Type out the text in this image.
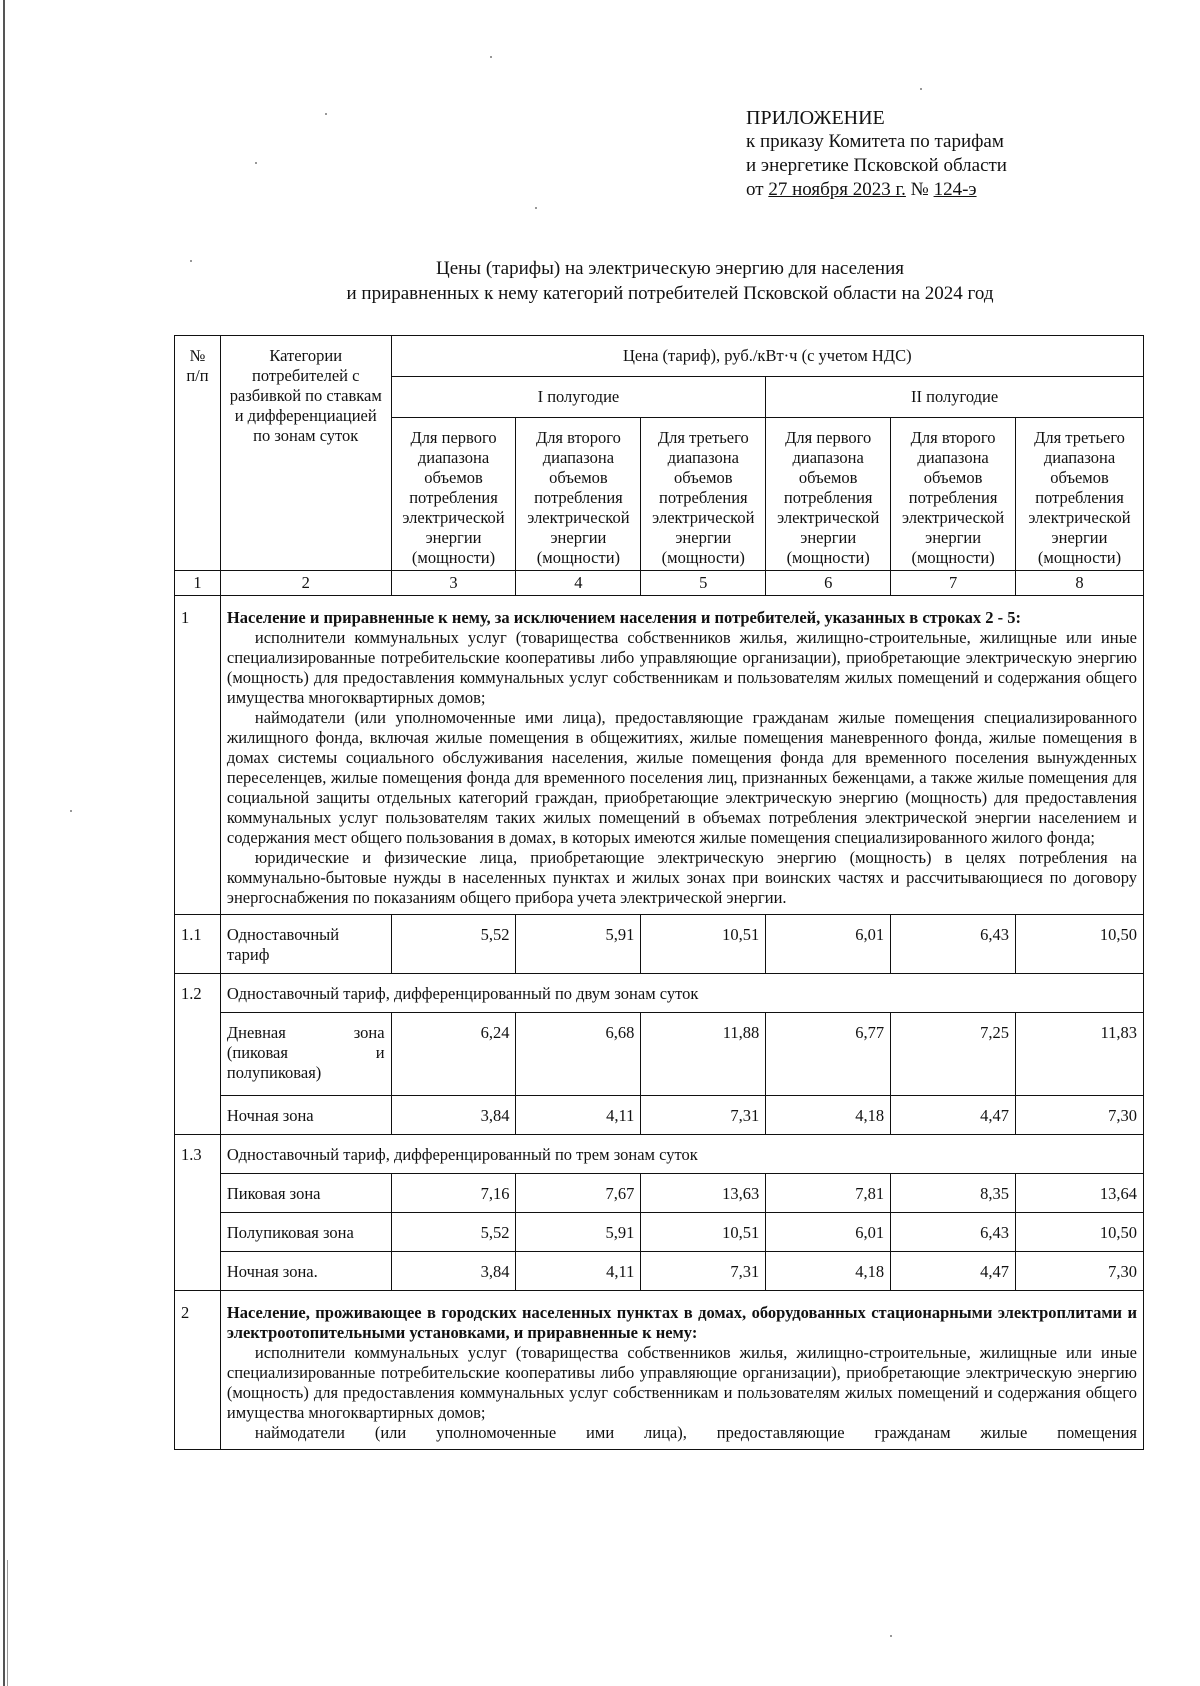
ПРИЛОЖЕНИЕ
к приказу Комитета по тарифам
и энергетике Псковской области
от 27 ноября 2023 г. № 124-э
Цены (тарифы) на электрическую энергию для населения
и приравненных к нему категорий потребителей Псковской области на 2024 год
№ п/п	Категории потребителей с разбивкой по ставкам и дифференциацией по зонам суток	Цена (тариф), руб./кВт·ч (с учетом НДС)					
		I полугодие			II полугодие		
		Для первого диапазона объемов потребления электрической энергии (мощности)	Для второго диапазона объемов потребления электрической энергии (мощности)	Для третьего диапазона объемов потребления электрической энергии (мощности)	Для первого диапазона объемов потребления электрической энергии (мощности)	Для второго диапазона объемов потребления электрической энергии (мощности)	Для третьего диапазона объемов потребления электрической энергии (мощности)
1	2	3	4	5	6	7	8
1	Население и приравненные к нему, за исключением населения и потребителей, указанных в строках 2 - 5:

исполнители коммунальных услуг (товарищества собственников жилья, жилищно-строительные, жилищные или иные специализированные потребительские кооперативы либо управляющие организации), приобретающие электрическую энергию (мощность) для предоставления коммунальных услуг собственникам и пользователям жилых помещений и содержания общего имущества многоквартирных домов;

наймодатели (или уполномоченные ими лица), предоставляющие гражданам жилые помещения специализированного жилищного фонда, включая жилые помещения в общежитиях, жилые помещения маневренного фонда, жилые помещения в домах системы социального обслуживания населения, жилые помещения фонда для временного поселения вынужденных переселенцев, жилые помещения фонда для временного поселения лиц, признанных беженцами, а также жилые помещения для социальной защиты отдельных категорий граждан, приобретающие электрическую энергию (мощность) для предоставления коммунальных услуг пользователям таких жилых помещений в объемах потребления электрической энергии населением и содержания мест общего пользования в домах, в которых имеются жилые помещения специализированного жилого фонда;

юридические и физические лица, приобретающие электрическую энергию (мощность) в целях потребления на коммунально-бытовые нужды в населенных пунктах и жилых зонах при воинских частях и рассчитывающиеся по договору энергоснабжения по показаниям общего прибора учета электрической энергии.						

1.1	Одноставочный тариф	5,52	5,91	10,51	6,01	6,43	10,50
1.2	Одноставочный тариф, дифференцированный по двум зонам суток						
	Дневная зона (пиковая и полупиковая)	6,24	6,68	11,88	6,77	7,25	11,83
	Ночная зона	3,84	4,11	7,31	4,18	4,47	7,30
1.3	Одноставочный тариф, дифференцированный по трем зонам суток						
	Пиковая зона	7,16	7,67	13,63	7,81	8,35	13,64
	Полупиковая зона	5,52	5,91	10,51	6,01	6,43	10,50
	Ночная зона.	3,84	4,11	7,31	4,18	4,47	7,30
2	Население, проживающее в городских населенных пунктах в домах, оборудованных стационарными электроплитами и электроотопительными установками, и приравненные к нему:

исполнители коммунальных услуг (товарищества собственников жилья, жилищно-строительные, жилищные или иные специализированные потребительские кооперативы либо управляющие организации), приобретающие электрическую энергию (мощность) для предоставления коммунальных услуг собственникам и пользователям жилых помещений и содержания общего имущества многоквартирных домов;

наймодатели (или уполномоченные ими лица), предоставляющие гражданам жилые помещения						
